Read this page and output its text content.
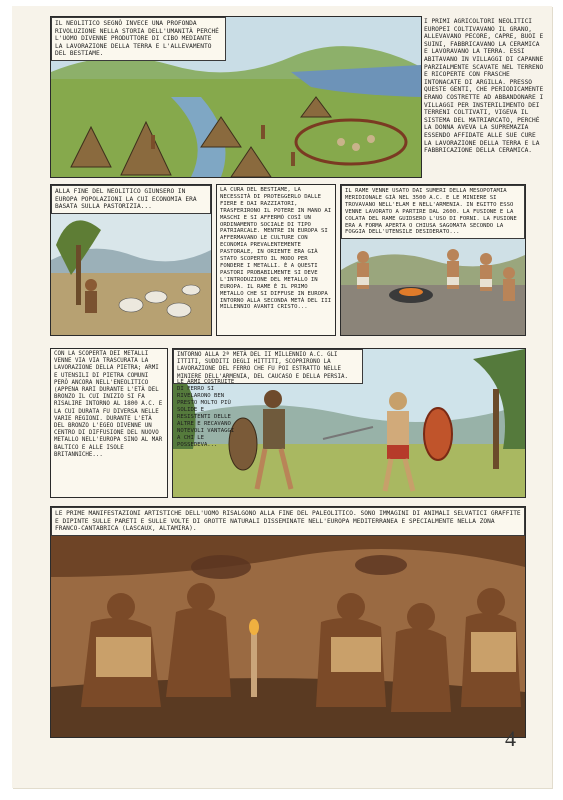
IL NEOLITICO SEGNÒ INVECE UNA PROFONDA RIVOLUZIONE NELLA STORIA DELL'UMANITÀ PERCHÉ L'UOMO DIVENNE PRODUTTORE DI CIBO MEDIANTE LA LAVORAZIONE DELLA TERRA E L'ALLEVAMENTO DEL BESTIAME.
I PRIMI AGRICOLTORI NEOLITICI EUROPEI COLTIVAVANO IL GRANO, ALLEVAVANO PECORE, CAPRE, BUOI E SUINI, FABBRICAVANO LA CERAMICA E LAVORAVANO LA TERRA. ESSI ABITAVANO IN VILLAGGI DI CAPANNE PARZIALMENTE SCAVATE NEL TERRENO E RICOPERTE CON FRASCHE INTONACATE DI ARGILLA. PRESSO QUESTE GENTI, CHE PERIODICAMENTE ERANO COSTRETTE AD ABBANDONARE I VILLAGGI PER INSTERILIMENTO DEI TERRENI COLTIVATI, VIGEVA IL SISTEMA DEL MATRIARCATO, PERCHÉ LA DONNA AVEVA LA SUPREMAZIA ESSENDO AFFIDATE ALLE SUE CURE LA LAVORAZIONE DELLA TERRA E LA FABBRICAZIONE DELLA CERAMICA.
ALLA FINE DEL NEOLITICO GIUNSERO IN EUROPA POPOLAZIONI LA CUI ECONOMIA ERA BASATA SULLA PASTORIZIA...
LA CURA DEL BESTIAME, LA NECESSITÀ DI PROTEGGERLO DALLE FIERE E DAI RAZZIATORI, TRASFERIRONO IL POTERE IN MANO AI MASCHI E SI AFFERMÒ COSÌ UN ORDINAMENTO SOCIALE DI TIPO PATRIARCALE. MENTRE IN EUROPA SI AFFERMAVANO LE CULTURE CON ECONOMIA PREVALENTEMENTE PASTORALE, IN ORIENTE ERA GIÀ STATO SCOPERTO IL MODO PER FONDERE I METALLI. È A QUESTI PASTORI PROBABILMENTE SI DEVE L'INTRODUZIONE DEL METALLO IN EUROPA. IL RAME È IL PRIMO METALLO CHE SI DIFFUSE IN EUROPA INTORNO ALLA SECONDA METÀ DEL III MILLENNIO AVANTI CRISTO...
IL RAME VENNE USATO DAI SUMERI DELLA MESOPOTAMIA MERIDIONALE GIÀ NEL 3500 A.C. E LE MINIERE SI TROVAVANO NELL'ELAM E NELL'ARMENIA. IN EGITTO ESSO VENNE LAVORATO A PARTIRE DAL 2600. LA FUSIONE E LA COLATA DEL RAME GUIDSERO L'USO DI FORNI. LA FUSIONE ERA A FORMA APERTA O CHIUSA SAGOMATA SECONDO LA FOGGIA DELL'UTENSILE DESIDERATO...
CON LA SCOPERTA DEI METALLI VENNE VIA VIA TRASCURATA LA LAVORAZIONE DELLA PIETRA; ARMI E UTENSILI DI PIETRA COMUNI PERÒ ANCORA NELL'ENEOLITICO (APPENA RARI DURANTE L'ETÀ DEL BRONZO IL CUI INIZIO SI FA RISALIRE INTORNO AL 1800 A.C. E LA CUI DURATA FU DIVERSA NELLE VARIE REGIONI. DURANTE L'ETÀ DEL BRONZO L'EGEO DIVENNE UN CENTRO DI DIFFUSIONE DEL NUOVO METALLO NELL'EUROPA SINO AL MAR BALTICO E ALLE ISOLE BRITANNICHE...
INTORNO ALLA 2ª METÀ DEL II MILLENNIO A.C. GLI ITTITI, SUDDITI DEGLI HITTITI, SCOPRIRONO LA LAVORAZIONE DEL FERRO CHE FU POI ESTRATTO NELLE MINIERE DELL'ARMENIA, DEL CAUCASO E DELLA PERSIA.
LE ARMI COSTRUITE DI FERRO SI RIVELARONO BEN PRESTO MOLTO PIÙ SOLIDE E RESISTENTI DELLE ALTRE E RECAVANO NOTEVOLI VANTAGGI A CHI LE POSSEDEVA...
LE PRIME MANIFESTAZIONI ARTISTICHE DELL'UOMO RISALGONO ALLA FINE DEL PALEOLITICO. SONO IMMAGINI DI ANIMALI SELVATICI GRAFFITE E DIPINTE SULLE PARETI E SULLE VOLTE DI GROTTE NATURALI DISSEMINATE NELL'EUROPA MEDITERRANEA E SPECIALMENTE NELLA ZONA FRANCO-CANTABRICA (LASCAUX, ALTAMIRA).
4
